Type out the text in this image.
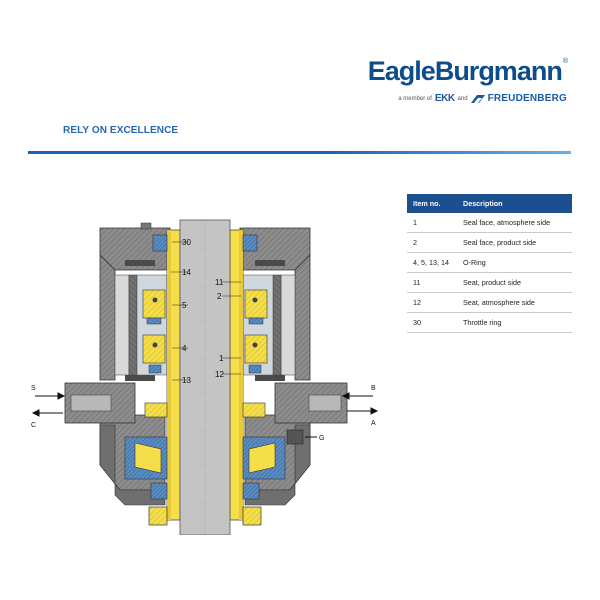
EagleBurgmann®
a member of EKK and FREUDENBERG
RELY ON EXCELLENCE
30
14
5
4
13
11
2
1
12
S
C
B
A
G
Item no.	Description
1	Seal face, atmosphere side
2	Seal face, product side
4, 5, 13, 14	O-Ring
11	Seat, product side
12	Seat, atmosphere side
30	Throttle ring
